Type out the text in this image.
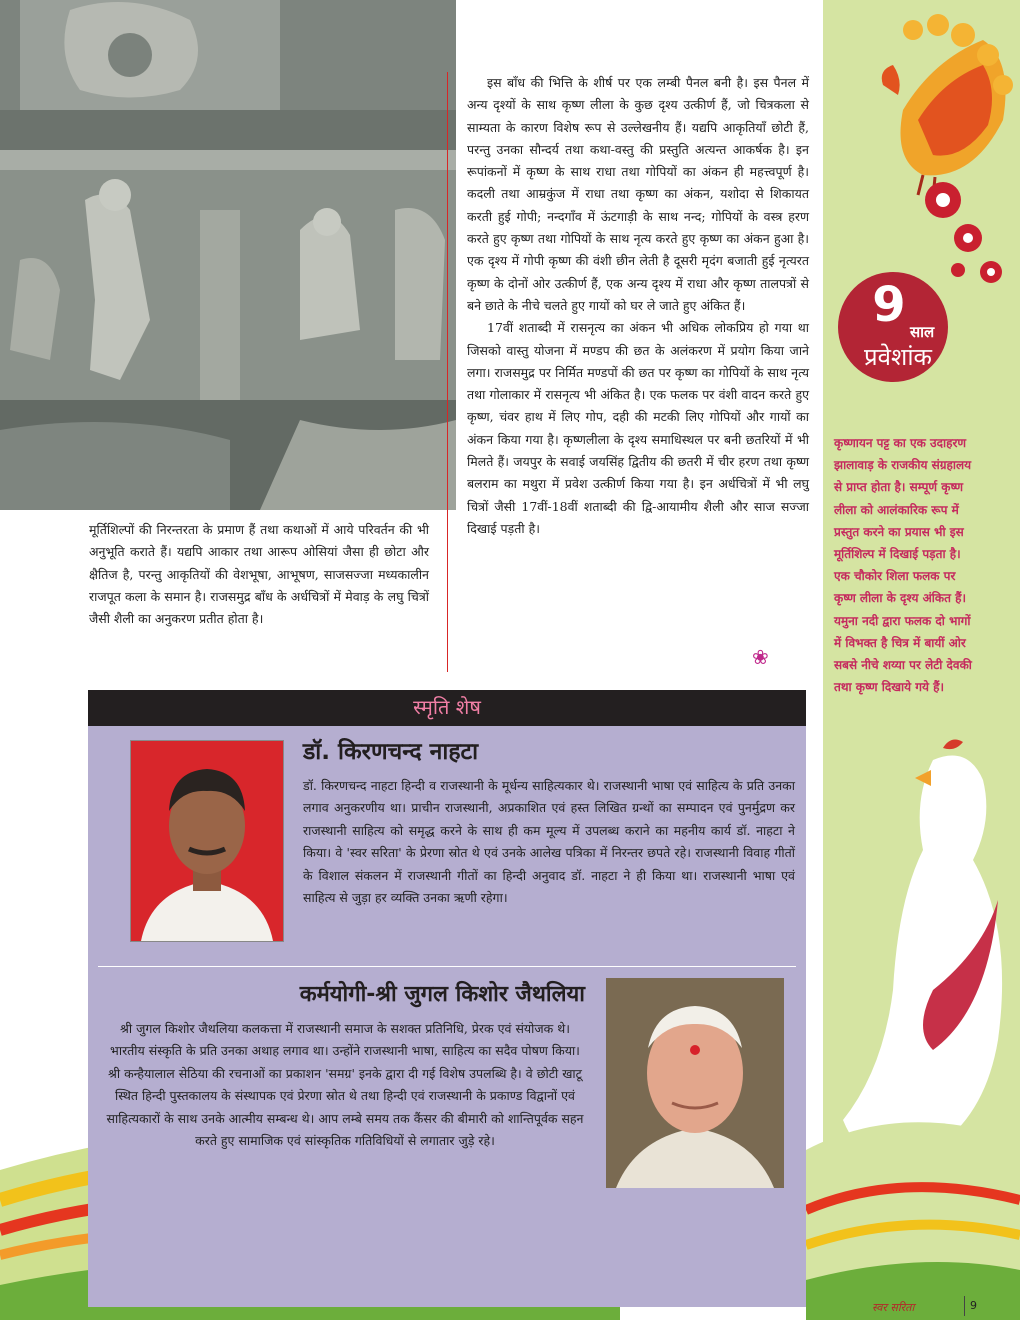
इस बाँध की भित्ति के शीर्ष पर एक लम्बी पैनल बनी है। इस पैनल में अन्य दृश्यों के साथ कृष्ण लीला के कुछ दृश्य उत्कीर्ण हैं, जो चित्रकला से साम्यता के कारण विशेष रूप से उल्लेखनीय हैं। यद्यपि आकृतियाँ छोटी हैं, परन्तु उनका सौन्दर्य तथा कथा-वस्तु की प्रस्तुति अत्यन्त आकर्षक है। इन रूपांकनों में कृष्ण के साथ राधा तथा गोपियों का अंकन ही महत्त्वपूर्ण है। कदली तथा आम्रकुंज में राधा तथा कृष्ण का अंकन, यशोदा से शिकायत करती हुई गोपी; नन्दगाँव में ऊंटगाड़ी के साथ नन्द; गोपियों के वस्त्र हरण करते हुए कृष्ण तथा गोपियों के साथ नृत्य करते हुए कृष्ण का अंकन हुआ है। एक दृश्य में गोपी कृष्ण की वंशी छीन लेती है दूसरी मृदंग बजाती हुई नृत्यरत कृष्ण के दोनों ओर उत्कीर्ण हैं, एक अन्य दृश्य में राधा और कृष्ण तालपत्रों से बने छाते के नीचे चलते हुए गायों को घर ले जाते हुए अंकित हैं।

17वीं शताब्दी में रासनृत्य का अंकन भी अधिक लोकप्रिय हो गया था जिसको वास्तु योजना में मण्डप की छत के अलंकरण में प्रयोग किया जाने लगा। राजसमुद्र पर निर्मित मण्डपों की छत पर कृष्ण का गोपियों के साथ नृत्य तथा गोलाकार में रासनृत्य भी अंकित है। एक फलक पर वंशी वादन करते हुए कृष्ण, चंवर हाथ में लिए गोप, दही की मटकी लिए गोपियों और गायों का अंकन किया गया है। कृष्णलीला के दृश्य समाधिस्थल पर बनी छतरियों में भी मिलते हैं। जयपुर के सवाई जयसिंह द्वितीय की छतरी में चीर हरण तथा कृष्ण बलराम का मथुरा में प्रवेश उत्कीर्ण किया गया है। इन अर्धचित्रों में भी लघु चित्रों जैसी 17वीं-18वीं शताब्दी की द्वि-आयामीय शैली और साज सज्जा दिखाई पड़ती है।

❀

मूर्तिशिल्पों की निरन्तरता के प्रमाण हैं तथा कथाओं में आये परिवर्तन की भी अनुभूति कराते हैं। यद्यपि आकार तथा आरूप ओसियां जैसा ही छोटा और क्षैतिज है, परन्तु आकृतियों की वेशभूषा, आभूषण, साजसज्जा मध्यकालीन राजपूत कला के समान है। राजसमुद्र बाँध के अर्धचित्रों में मेवाड़ के लघु चित्रों जैसी शैली का अनुकरण प्रतीत होता है।

9 साल
प्रवेशांक
कृष्णायन पट्ट का एक उदाहरण झालावाड़ के राजकीय संग्रहालय से प्राप्त होता है। सम्पूर्ण कृष्ण लीला को आलंकारिक रूप में प्रस्तुत करने का प्रयास भी इस मूर्तिशिल्प में दिखाई पड़ता है। एक चौकोर शिला फलक पर कृष्ण लीला के दृश्य अंकित हैं। यमुना नदी द्वारा फलक दो भागों में विभक्त है चित्र में बायीं ओर सबसे नीचे शय्या पर लेटी देवकी तथा कृष्ण दिखाये गये हैं।
स्मृति शेष
डॉ. किरणचन्द नाहटा

डॉ. किरणचन्द नाहटा हिन्दी व राजस्थानी के मूर्धन्य साहित्यकार थे। राजस्थानी भाषा एवं साहित्य के प्रति उनका लगाव अनुकरणीय था। प्राचीन राजस्थानी, अप्रकाशित एवं हस्त लिखित ग्रन्थों का सम्पादन एवं पुनर्मुद्रण कर राजस्थानी साहित्य को समृद्ध करने के साथ ही कम मूल्य में उपलब्ध कराने का महनीय कार्य डॉ. नाहटा ने किया। वे 'स्वर सरिता' के प्रेरणा स्रोत थे एवं उनके आलेख पत्रिका में निरन्तर छपते रहे। राजस्थानी विवाह गीतों के विशाल संकलन में राजस्थानी गीतों का हिन्दी अनुवाद डॉ. नाहटा ने ही किया था। राजस्थानी भाषा एवं साहित्य से जुड़ा हर व्यक्ति उनका ऋणी रहेगा।

कर्मयोगी-श्री जुगल किशोर जैथलिया

श्री जुगल किशोर जैथलिया कलकत्ता में राजस्थानी समाज के सशक्त प्रतिनिधि, प्रेरक एवं संयोजक थे। भारतीय संस्कृति के प्रति उनका अथाह लगाव था। उन्होंने राजस्थानी भाषा, साहित्य का सदैव पोषण किया। श्री कन्हैयालाल सेठिया की रचनाओं का प्रकाशन 'समग्र' इनके द्वारा दी गई विशेष उपलब्धि है। वे छोटी खाटू स्थित हिन्दी पुस्तकालय के संस्थापक एवं प्रेरणा स्रोत थे तथा हिन्दी एवं राजस्थानी के प्रकाण्ड विद्वानों एवं साहित्यकारों के साथ उनके आत्मीय सम्बन्ध थे। आप लम्बे समय तक कैंसर की बीमारी को शान्तिपूर्वक सहन करते हुए सामाजिक एवं सांस्कृतिक गतिविधियों से लगातार जुड़े रहे।

स्वर सरिता	9
